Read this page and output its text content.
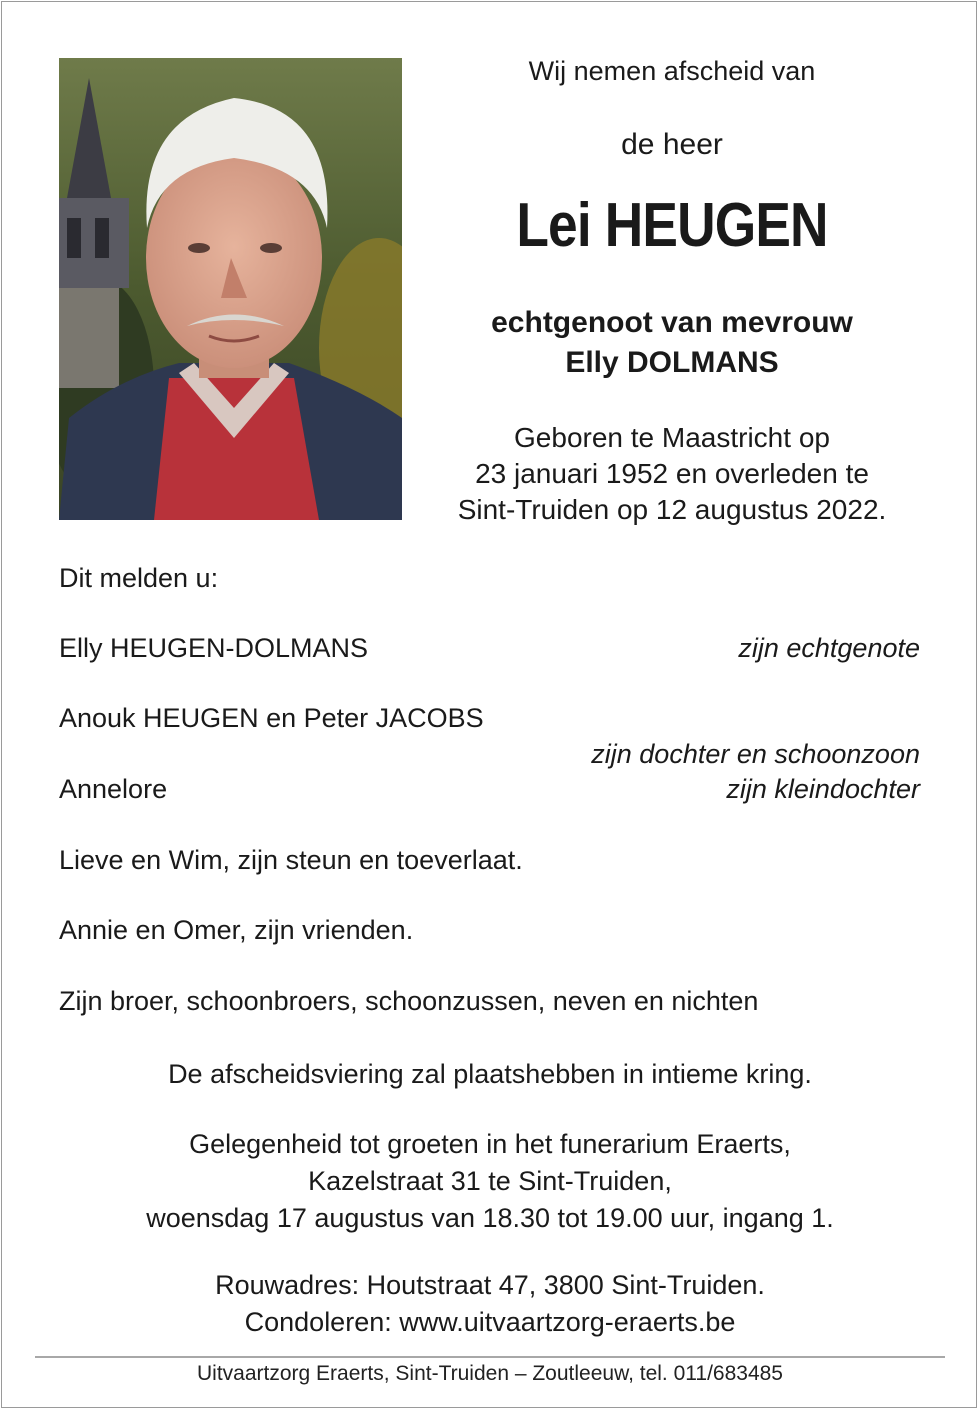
Wij nemen afscheid van
de heer
Lei HEUGEN
echtgenoot van mevrouw
Elly DOLMANS
Geboren te Maastricht op
23 januari 1952 en overleden te
Sint-Truiden op 12 augustus 2022.
Dit melden u:
Elly HEUGEN-DOLMANS	zijn echtgenote
Anouk HEUGEN en Peter JACOBS
zijn dochter en schoonzoon
Annelore	zijn kleindochter
Lieve en Wim, zijn steun en toeverlaat.
Annie en Omer, zijn vrienden.
Zijn broer, schoonbroers, schoonzussen, neven en nichten
De afscheidsviering zal plaatshebben in intieme kring.
Gelegenheid tot groeten in het funerarium Eraerts,
Kazelstraat 31 te Sint-Truiden,
woensdag 17 augustus van 18.30 tot 19.00 uur, ingang 1.
Rouwadres: Houtstraat 47, 3800 Sint-Truiden.
Condoleren: www.uitvaartzorg-eraerts.be
Uitvaartzorg Eraerts, Sint-Truiden – Zoutleeuw, tel. 011/683485
